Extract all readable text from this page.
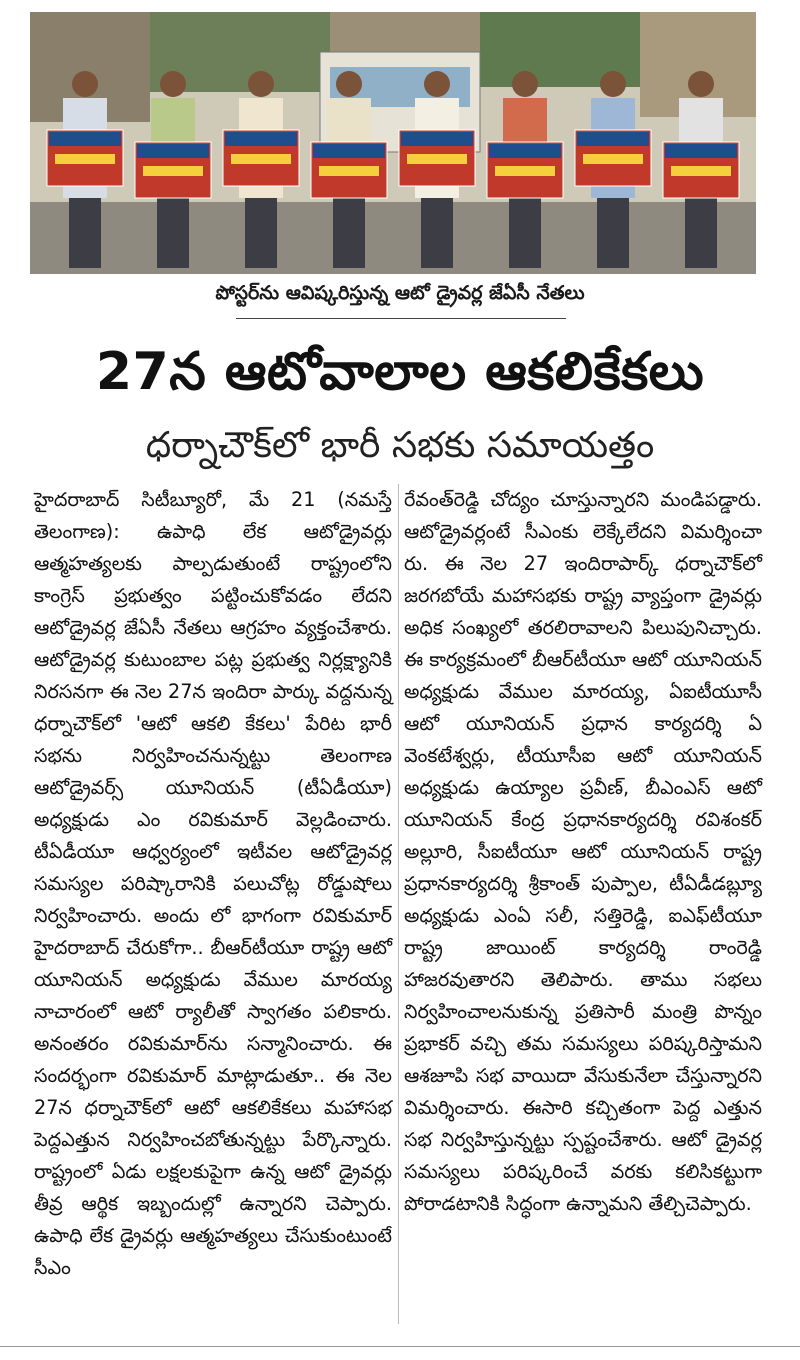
పోస్టర్‌ను ఆవిష్కరిస్తున్న ఆటో డ్రైవర్ల జేఏసీ నేతలు
27న ఆటోవాలాల ఆకలికేకలు
ధర్నాచౌక్‌లో భారీ సభకు సమాయత్తం
హైదరాబాద్ సిటీబ్యూరో, మే 21 (నమస్తే తెలంగాణ): ఉపాధి లేక ఆటోడ్రైవర్లు ఆత్మహత్యలకు పాల్పడుతుంటే రాష్ట్రంలోని కాంగ్రెస్ ప్రభుత్వం పట్టించుకోవడం లేదని ఆటోడ్రైవర్ల జేఏసీ నేతలు ఆగ్రహం వ్యక్తంచేశారు. ఆటోడ్రైవర్ల కుటుంబాల పట్ల ప్రభుత్వ నిర్లక్ష్యానికి నిరసనగా ఈ నెల 27న ఇందిరా పార్కు వద్దనున్న ధర్నాచౌక్‌లో 'ఆటో ఆకలి కేకలు' పేరిట భారీ సభను నిర్వహించనున్నట్టు తెలంగాణ ఆటోడ్రైవర్స్ యూనియన్ (టీఏడీయూ) అధ్యక్షుడు ఎం రవికుమార్ వెల్లడించారు. టీఏడీయూ ఆధ్వర్యంలో ఇటీవల ఆటోడ్రైవర్ల సమస్యల పరిష్కారానికి పలుచోట్ల రోడ్డుషోలు నిర్వహించారు. అందు లో భాగంగా రవికుమార్ హైదరాబాద్ చేరుకోగా.. బీఆర్‌టీయూ రాష్ట్ర ఆటో యూనియన్ అధ్యక్షుడు వేముల మారయ్య నాచారంలో ఆటో ర్యాలీతో స్వాగతం పలికారు. అనంతరం రవికుమార్‌ను సన్మానించారు. ఈ సందర్భంగా రవికుమార్ మాట్లాడుతూ.. ఈ నెల 27న ధర్నాచౌక్‌లో ఆటో ఆకలికేకలు మహాసభ పెద్దఎత్తున నిర్వహించబోతున్నట్టు పేర్కొన్నారు. రాష్ట్రంలో ఏడు లక్షలకుపైగా ఉన్న ఆటో డ్రైవర్లు తీవ్ర ఆర్థిక ఇబ్బందుల్లో ఉన్నారని చెప్పారు. ఉపాధి లేక డ్రైవర్లు ఆత్మహత్యలు చేసుకుంటుంటే సీఎం
రేవంత్‌రెడ్డి చోద్యం చూస్తున్నారని మండిపడ్డారు. ఆటోడ్రైవర్లంటే సీఎంకు లెక్కేలేదని విమర్శించా రు. ఈ నెల 27 ఇందిరాపార్క్ ధర్నాచౌక్‌లో జరగబోయే మహాసభకు రాష్ట్ర వ్యాప్తంగా డ్రైవర్లు అధిక సంఖ్యలో తరలిరావాలని పిలుపునిచ్చారు. ఈ కార్యక్రమంలో బీఆర్‌టీయూ ఆటో యూనియన్ అధ్యక్షుడు వేముల మారయ్య, ఏఐటీయూసీ ఆటో యూనియన్ ప్రధాన కార్యదర్శి ఏ వెంకటేశ్వర్లు, టీయూసీఐ ఆటో యూనియన్ అధ్యక్షుడు ఉయ్యాల ప్రవీణ్, బీఎంఎస్ ఆటో యూనియన్ కేంద్ర ప్రధానకార్యదర్శి రవిశంకర్ అల్లూరి, సీఐటీయూ ఆటో యూనియన్ రాష్ట్ర ప్రధానకార్యదర్శి శ్రీకాంత్ పుప్పాల, టీఏడీడబ్ల్యూ అధ్యక్షుడు ఎంఏ సలీ, సత్తిరెడ్డి, ఐఎఫ్‌టీయూ రాష్ట్ర జాయింట్ కార్యదర్శి రాంరెడ్డి హాజరవుతారని తెలిపారు. తాము సభలు నిర్వహించాలనుకున్న ప్రతిసారీ మంత్రి పొన్నం ప్రభాకర్ వచ్చి తమ సమస్యలు పరిష్కరిస్తామని ఆశజూపి సభ వాయిదా వేసుకునేలా చేస్తున్నారని విమర్శించారు. ఈసారి కచ్చితంగా పెద్ద ఎత్తున సభ నిర్వహిస్తున్నట్టు స్పష్టంచేశారు. ఆటో డ్రైవర్ల సమస్యలు పరిష్కరించే వరకు కలిసికట్టుగా పోరాడటానికి సిద్ధంగా ఉన్నామని తేల్చిచెప్పారు.
